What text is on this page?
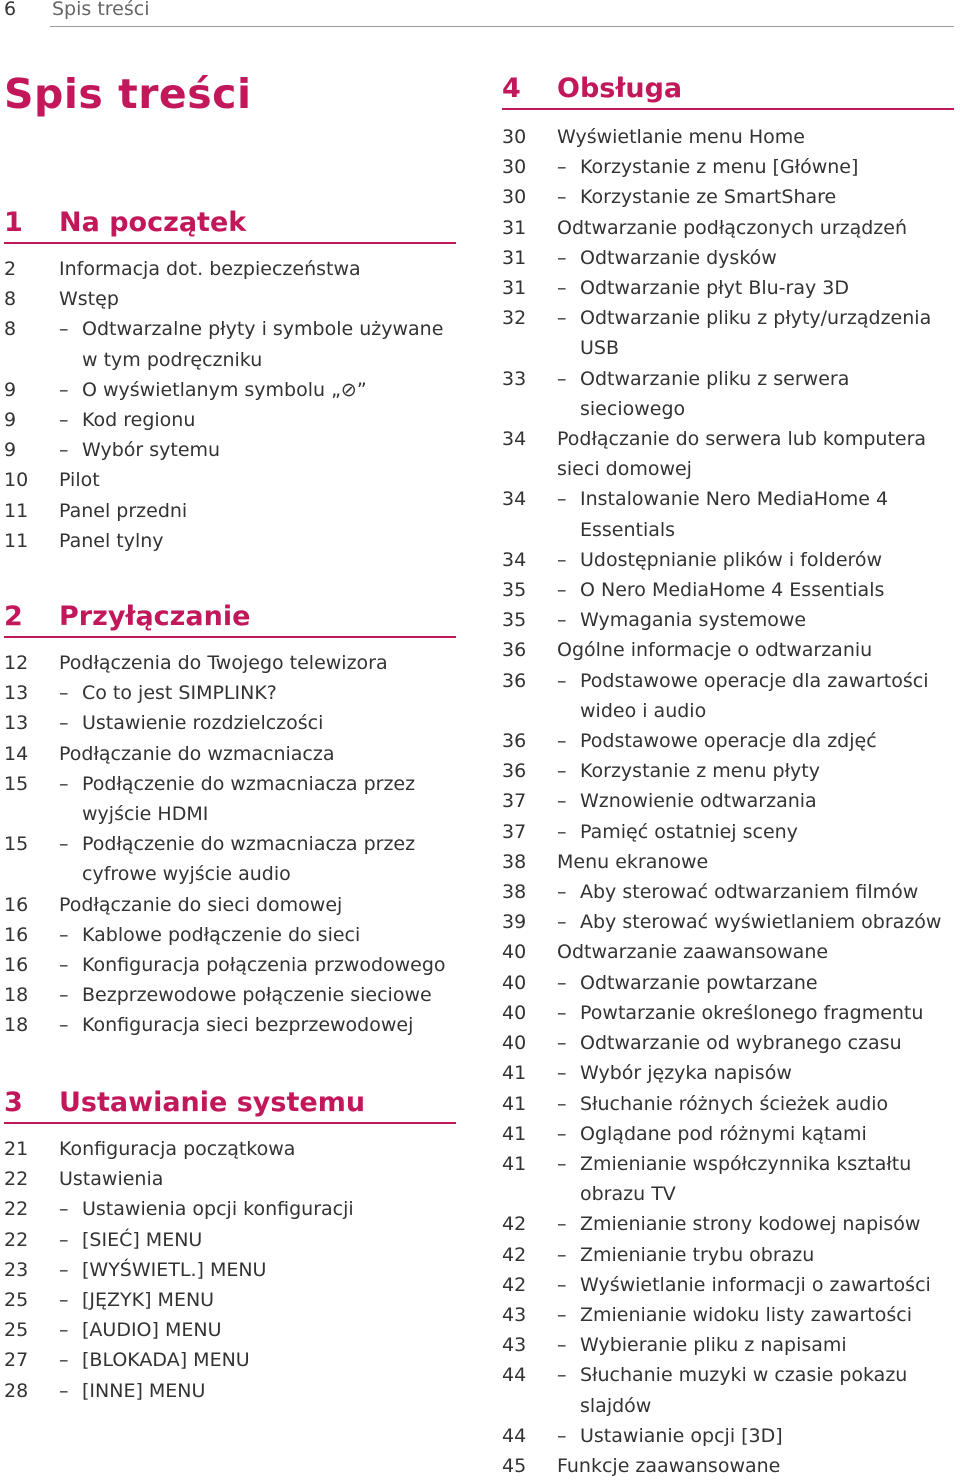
6 Spis treści
Spis treści
1 Na początek
2	Informacja dot. bezpieczeństwa
8	Wstęp
8	– Odtwarzalne płyty i symbole używane
w tym podręczniku
9	– O wyświetlanym symbolu „⊘”
9	– Kod regionu
9	– Wybór sytemu
10	Pilot
11	Panel przedni
11	Panel tylny
2 Przyłączanie
12	Podłączenia do Twojego telewizora
13	– Co to jest SIMPLINK?
13	– Ustawienie rozdzielczości
14	Podłączanie do wzmacniacza
15	– Podłączenie do wzmacniacza przez
wyjście HDMI
15	– Podłączenie do wzmacniacza przez
cyfrowe wyjście audio
16	Podłączanie do sieci domowej
16	– Kablowe podłączenie do sieci
16	– Konfiguracja połączenia przwodowego
18	– Bezprzewodowe połączenie sieciowe
18	– Konfiguracja sieci bezprzewodowej
3 Ustawianie systemu
21	Konfiguracja początkowa
22	Ustawienia
22	– Ustawienia opcji konfiguracji
22	– [SIEĆ] MENU
23	– [WYŚWIETL.] MENU
25	– [JĘZYK] MENU
25	– [AUDIO] MENU
27	– [BLOKADA] MENU
28	– [INNE] MENU
4 Obsługa
30	Wyświetlanie menu Home
30	– Korzystanie z menu [Główne]
30	– Korzystanie ze SmartShare
31	Odtwarzanie podłączonych urządzeń
31	– Odtwarzanie dysków
31	– Odtwarzanie płyt Blu-ray 3D
32	– Odtwarzanie pliku z płyty/urządzenia
USB
33	– Odtwarzanie pliku z serwera
sieciowego
34	Podłączanie do serwera lub komputera
sieci domowej
34	– Instalowanie Nero MediaHome 4
Essentials
34	– Udostępnianie plików i folderów
35	– O Nero MediaHome 4 Essentials
35	– Wymagania systemowe
36	Ogólne informacje o odtwarzaniu
36	– Podstawowe operacje dla zawartości
wideo i audio
36	– Podstawowe operacje dla zdjęć
36	– Korzystanie z menu płyty
37	– Wznowienie odtwarzania
37	– Pamięć ostatniej sceny
38	Menu ekranowe
38	– Aby sterować odtwarzaniem filmów
39	– Aby sterować wyświetlaniem obrazów
40	Odtwarzanie zaawansowane
40	– Odtwarzanie powtarzane
40	– Powtarzanie określonego fragmentu
40	– Odtwarzanie od wybranego czasu
41	– Wybór języka napisów
41	– Słuchanie różnych ścieżek audio
41	– Oglądane pod różnymi kątami
41	– Zmienianie współczynnika kształtu
obrazu TV
42	– Zmienianie strony kodowej napisów
42	– Zmienianie trybu obrazu
42	– Wyświetlanie informacji o zawartości
43	– Zmienianie widoku listy zawartości
43	– Wybieranie pliku z napisami
44	– Słuchanie muzyki w czasie pokazu
slajdów
44	– Ustawianie opcji [3D]
45	Funkcje zaawansowane
